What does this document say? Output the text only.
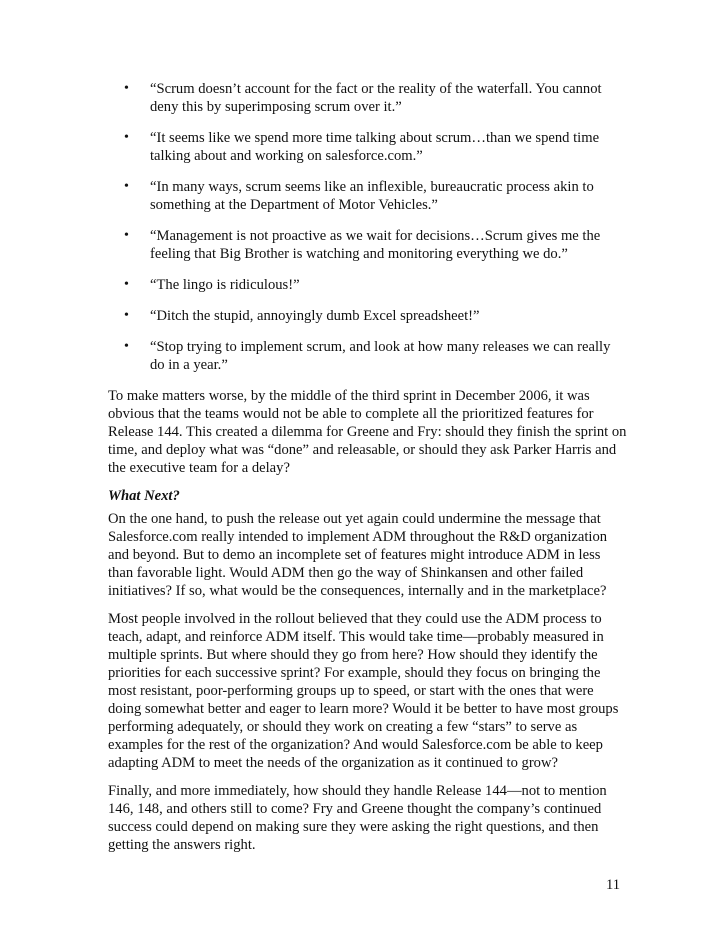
• “Scrum doesn’t account for the fact or the reality of the waterfall. You cannot deny this by superimposing scrum over it.”
• “It seems like we spend more time talking about scrum…than we spend time talking about and working on salesforce.com.”
• “In many ways, scrum seems like an inflexible, bureaucratic process akin to something at the Department of Motor Vehicles.”
• “Management is not proactive as we wait for decisions…Scrum gives me the feeling that Big Brother is watching and monitoring everything we do.”
• “The lingo is ridiculous!”
• “Ditch the stupid, annoyingly dumb Excel spreadsheet!”
• “Stop trying to implement scrum, and look at how many releases we can really do in a year.”

To make matters worse, by the middle of the third sprint in December 2006, it was obvious that the teams would not be able to complete all the prioritized features for Release 144. This created a dilemma for Greene and Fry: should they finish the sprint on time, and deploy what was “done” and releasable, or should they ask Parker Harris and the executive team for a delay?

What Next?

On the one hand, to push the release out yet again could undermine the message that Salesforce.com really intended to implement ADM throughout the R&D organization and beyond. But to demo an incomplete set of features might introduce ADM in less than favorable light. Would ADM then go the way of Shinkansen and other failed initiatives? If so, what would be the consequences, internally and in the marketplace?

Most people involved in the rollout believed that they could use the ADM process to teach, adapt, and reinforce ADM itself. This would take time—probably measured in multiple sprints. But where should they go from here? How should they identify the priorities for each successive sprint? For example, should they focus on bringing the most resistant, poor-performing groups up to speed, or start with the ones that were doing somewhat better and eager to learn more? Would it be better to have most groups performing adequately, or should they work on creating a few “stars” to serve as examples for the rest of the organization? And would Salesforce.com be able to keep adapting ADM to meet the needs of the organization as it continued to grow?

Finally, and more immediately, how should they handle Release 144—not to mention 146, 148, and others still to come? Fry and Greene thought the company’s continued success could depend on making sure they were asking the right questions, and then getting the answers right.

11
